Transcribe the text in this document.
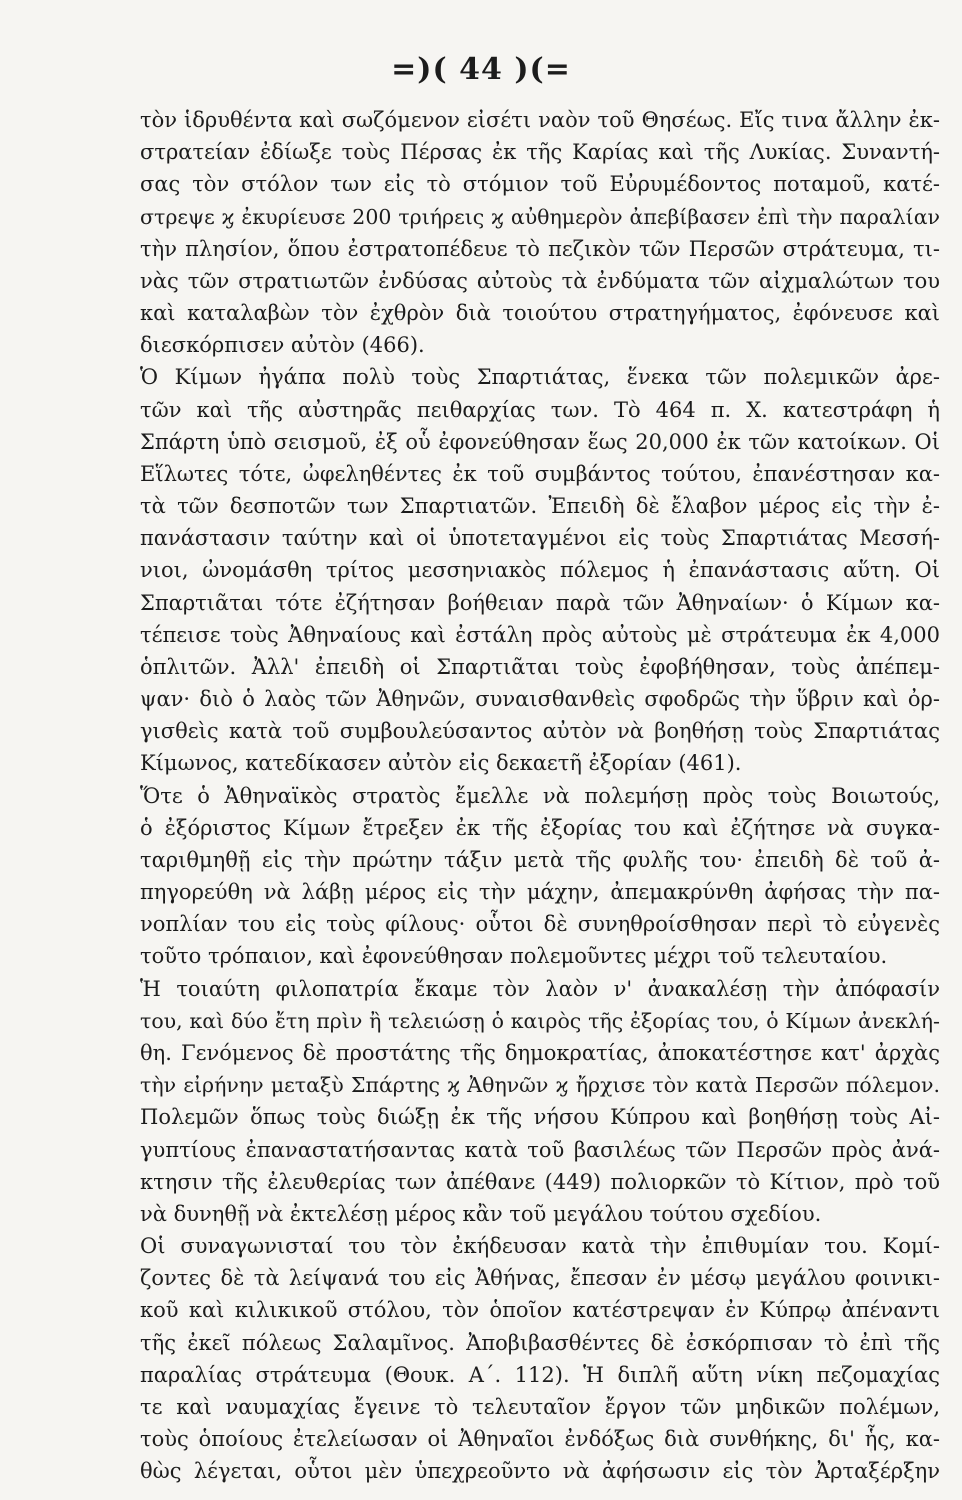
=)( 44 )(=
τὸν ἱδρυθέντα καὶ σωζόμενον εἰσέτι ναὸν τοῦ Θησέως. Εἴς τινα ἄλλην ἐκ-
στρατείαν ἐδίωξε τοὺς Πέρσας ἐκ τῆς Καρίας καὶ τῆς Λυκίας. Συναντή-
σας τὸν στόλον των εἰς τὸ στόμιον τοῦ Εὐρυμέδοντος ποταμοῦ, κατέ-
στρεψε ϗ ἐκυρίευσε 200 τριήρεις ϗ αὐθημερὸν ἀπεβίβασεν ἐπὶ τὴν παραλίαν
τὴν πλησίον, ὅπου ἐστρατοπέδευε τὸ πεζικὸν τῶν Περσῶν στράτευμα, τι-
νὰς τῶν στρατιωτῶν ἐνδύσας αὐτοὺς τὰ ἐνδύματα τῶν αἰχμαλώτων του
καὶ καταλαβὼν τὸν ἐχθρὸν διὰ τοιούτου στρατηγήματος, ἐφόνευσε καὶ
διεσκόρπισεν αὐτὸν (466).
Ὁ Κίμων ἠγάπα πολὺ τοὺς Σπαρτιάτας, ἕνεκα τῶν πολεμικῶν ἀρε-
τῶν καὶ τῆς αὐστηρᾶς πειθαρχίας των. Τὸ 464 π. Χ. κατεστράφη ἡ
Σπάρτη ὑπὸ σεισμοῦ, ἐξ οὗ ἐφονεύθησαν ἕως 20,000 ἐκ τῶν κατοίκων. Οἱ
Εἵλωτες τότε, ὠφεληθέντες ἐκ τοῦ συμβάντος τούτου, ἐπανέστησαν κα-
τὰ τῶν δεσποτῶν των Σπαρτιατῶν. Ἐπειδὴ δὲ ἔλαβον μέρος εἰς τὴν ἐ-
πανάστασιν ταύτην καὶ οἱ ὑποτεταγμένοι εἰς τοὺς Σπαρτιάτας Μεσσή-
νιοι, ὠνομάσθη τρίτος μεσσηνιακὸς πόλεμος ἡ ἐπανάστασις αὕτη. Οἱ
Σπαρτιᾶται τότε ἐζήτησαν βοήθειαν παρὰ τῶν Ἀθηναίων· ὁ Κίμων κα-
τέπεισε τοὺς Ἀθηναίους καὶ ἐστάλη πρὸς αὐτοὺς μὲ στράτευμα ἐκ 4,000
ὁπλιτῶν. Ἀλλ' ἐπειδὴ οἱ Σπαρτιᾶται τοὺς ἐφοβήθησαν, τοὺς ἀπέπεμ-
ψαν· διὸ ὁ λαὸς τῶν Ἀθηνῶν, συναισθανθεὶς σφοδρῶς τὴν ὕβριν καὶ ὀρ-
γισθεὶς κατὰ τοῦ συμβουλεύσαντος αὐτὸν νὰ βοηθήσῃ τοὺς Σπαρτιάτας
Κίμωνος, κατεδίκασεν αὐτὸν εἰς δεκαετῆ ἐξορίαν (461).
Ὅτε ὁ Ἀθηναϊκὸς στρατὸς ἔμελλε νὰ πολεμήσῃ πρὸς τοὺς Βοιωτούς,
ὁ ἐξόριστος Κίμων ἔτρεξεν ἐκ τῆς ἐξορίας του καὶ ἐζήτησε νὰ συγκα-
ταριθμηθῇ εἰς τὴν πρώτην τάξιν μετὰ τῆς φυλῆς του· ἐπειδὴ δὲ τοῦ ἀ-
πηγορεύθη νὰ λάβῃ μέρος εἰς τὴν μάχην, ἀπεμακρύνθη ἀφήσας τὴν πα-
νοπλίαν του εἰς τοὺς φίλους· οὗτοι δὲ συνηθροίσθησαν περὶ τὸ εὐγενὲς
τοῦτο τρόπαιον, καὶ ἐφονεύθησαν πολεμοῦντες μέχρι τοῦ τελευταίου.
Ἡ τοιαύτη φιλοπατρία ἔκαμε τὸν λαὸν ν' ἀνακαλέσῃ τὴν ἀπόφασίν
του, καὶ δύο ἔτη πρὶν ἢ τελειώσῃ ὁ καιρὸς τῆς ἐξορίας του, ὁ Κίμων ἀνεκλή-
θη. Γενόμενος δὲ προστάτης τῆς δημοκρατίας, ἀποκατέστησε κατ' ἀρχὰς
τὴν εἰρήνην μεταξὺ Σπάρτης ϗ Ἀθηνῶν ϗ ἤρχισε τὸν κατὰ Περσῶν πόλεμον.
Πολεμῶν ὅπως τοὺς διώξῃ ἐκ τῆς νήσου Κύπρου καὶ βοηθήσῃ τοὺς Αἰ-
γυπτίους ἐπαναστατήσαντας κατὰ τοῦ βασιλέως τῶν Περσῶν πρὸς ἀνά-
κτησιν τῆς ἐλευθερίας των ἀπέθανε (449) πολιορκῶν τὸ Κίτιον, πρὸ τοῦ
νὰ δυνηθῇ νὰ ἐκτελέσῃ μέρος κἂν τοῦ μεγάλου τούτου σχεδίου.
Οἱ συναγωνισταί του τὸν ἐκήδευσαν κατὰ τὴν ἐπιθυμίαν του. Κομί-
ζοντες δὲ τὰ λείψανά του εἰς Ἀθήνας, ἔπεσαν ἐν μέσῳ μεγάλου φοινικι-
κοῦ καὶ κιλικικοῦ στόλου, τὸν ὁποῖον κατέστρεψαν ἐν Κύπρῳ ἀπέναντι
τῆς ἐκεῖ πόλεως Σαλαμῖνος. Ἀποβιβασθέντες δὲ ἐσκόρπισαν τὸ ἐπὶ τῆς
παραλίας στράτευμα (Θουκ. Α΄. 112). Ἡ διπλῆ αὕτη νίκη πεζομαχίας
τε καὶ ναυμαχίας ἔγεινε τὸ τελευταῖον ἔργον τῶν μηδικῶν πολέμων,
τοὺς ὁποίους ἐτελείωσαν οἱ Ἀθηναῖοι ἐνδόξως διὰ συνθήκης, δι' ἧς, κα-
θὼς λέγεται, οὗτοι μὲν ὑπεχρεοῦντο νὰ ἀφήσωσιν εἰς τὸν Ἀρταξέρξην
